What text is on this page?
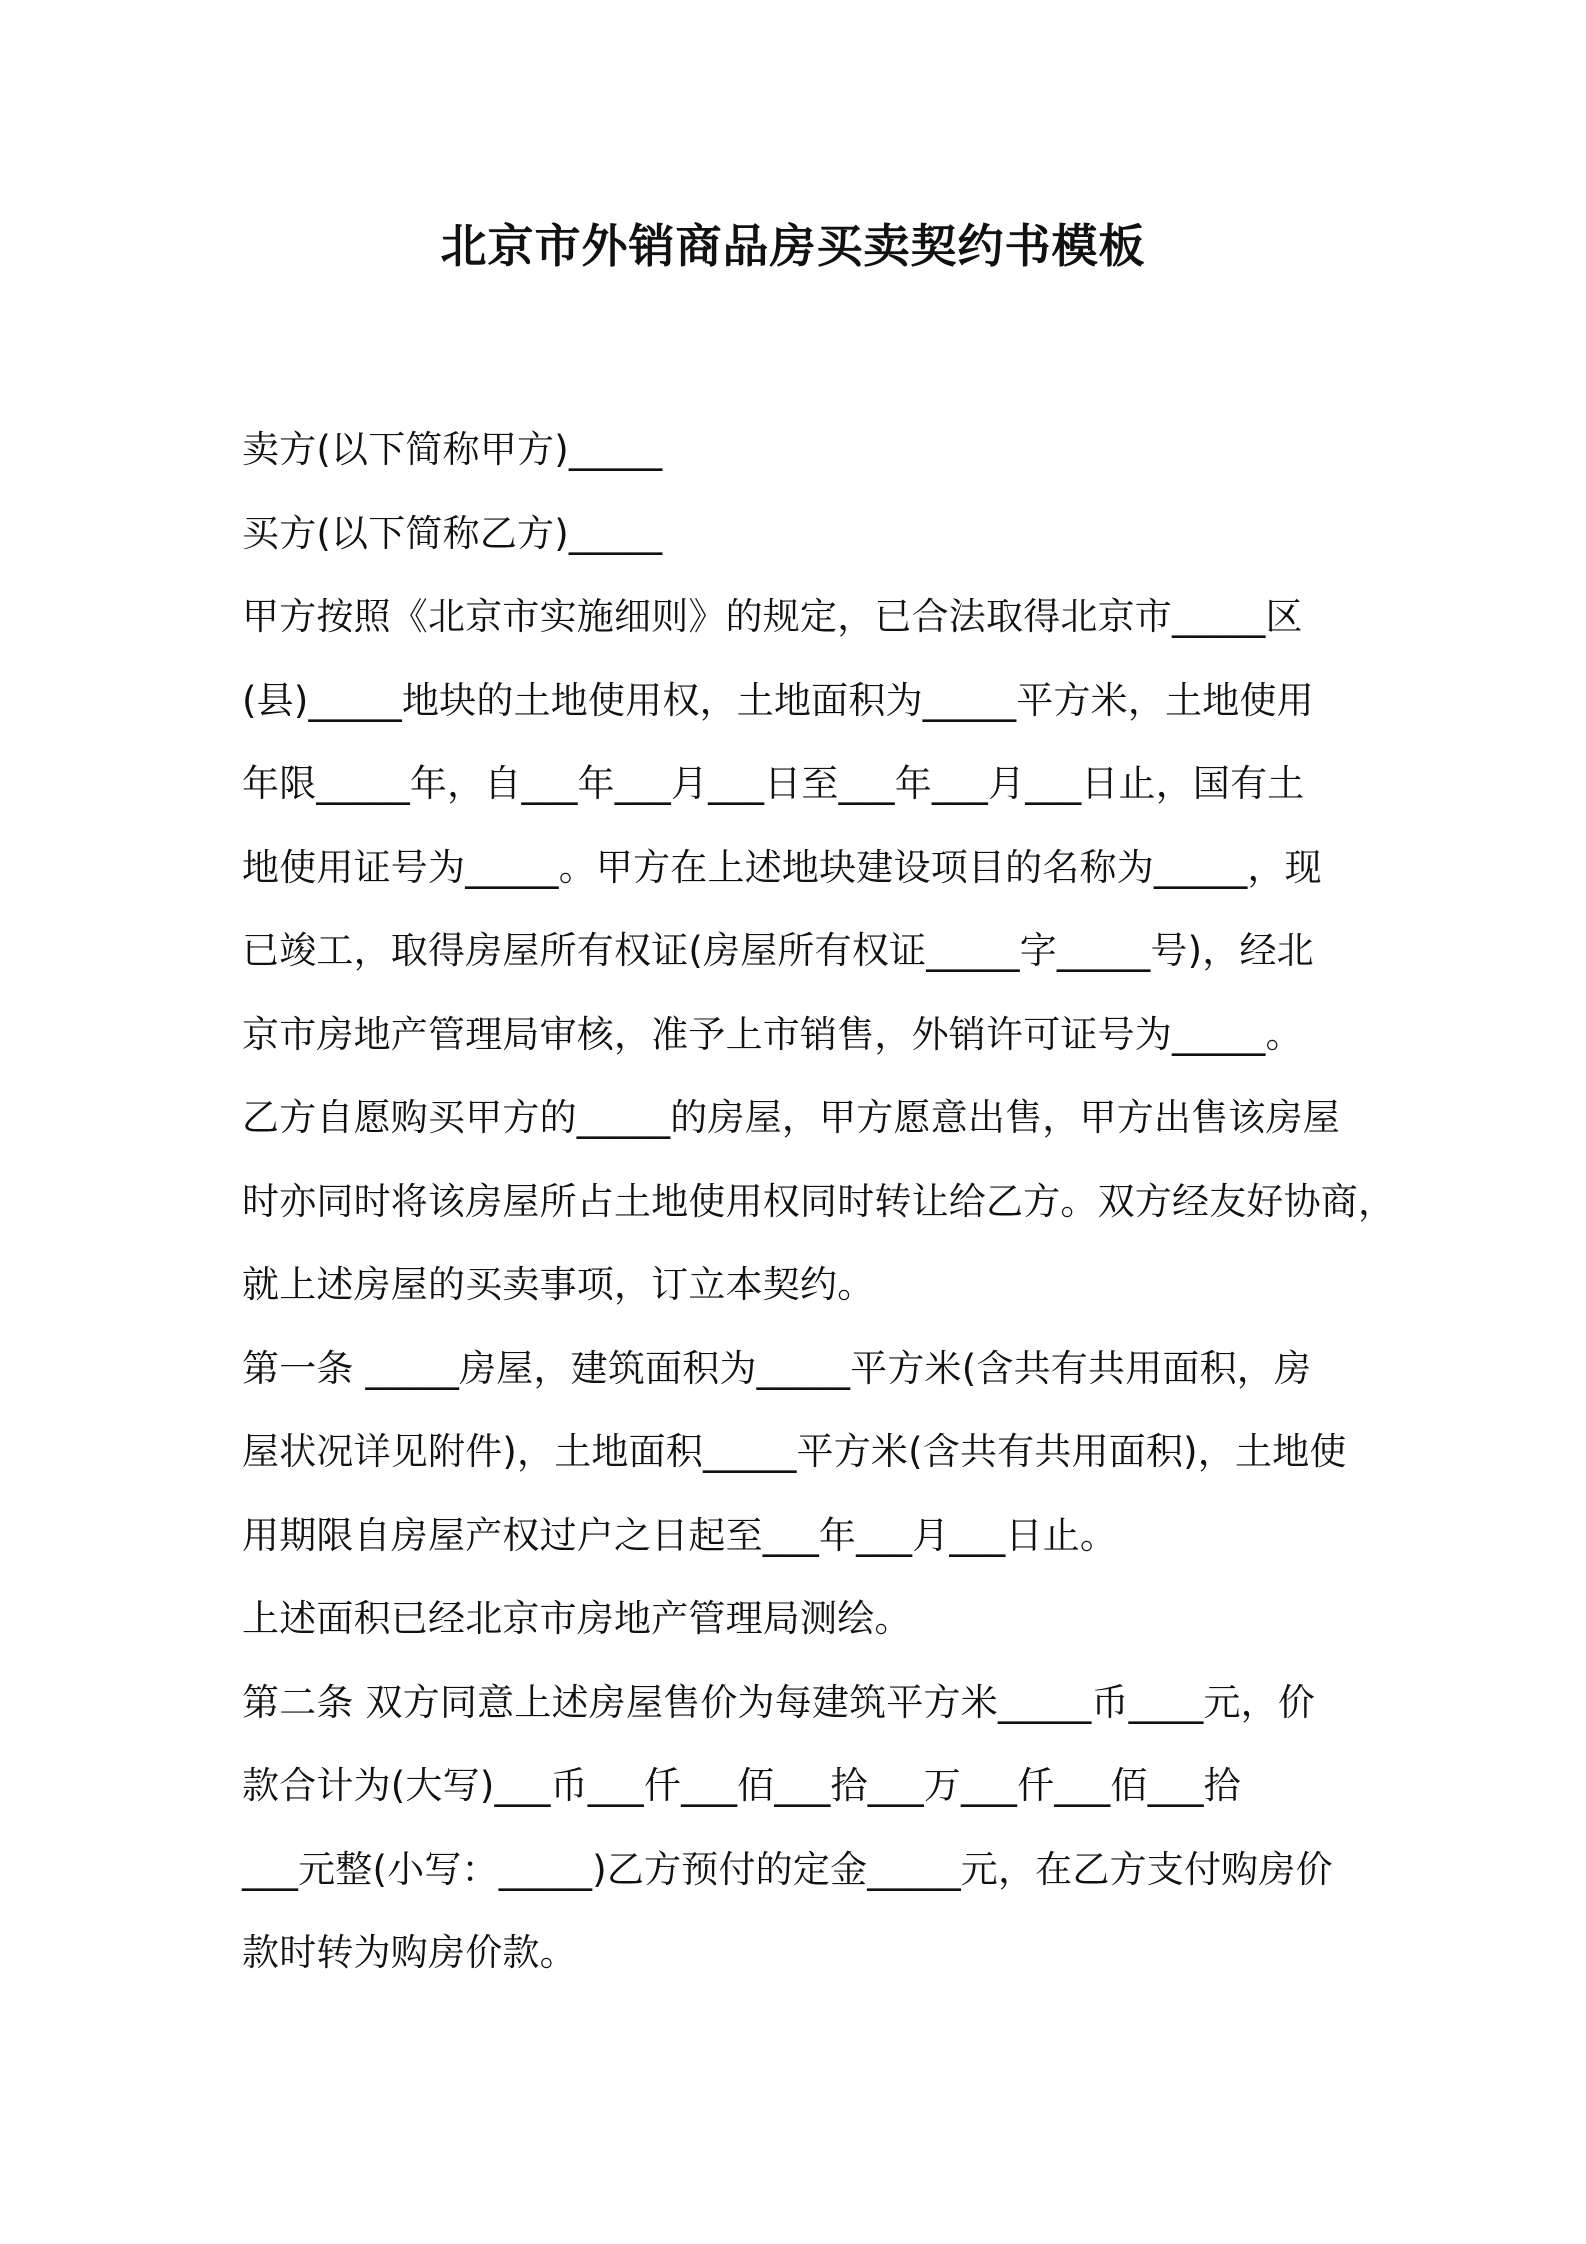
北京市外销商品房买卖契约书模板
卖方(以下简称甲方)_____
买方(以下简称乙方)_____
甲方按照《北京市实施细则》的规定，已合法取得北京市_____区
(县)_____地块的土地使用权，土地面积为_____平方米，土地使用
年限_____年，自___年___月___日至___年___月___日止，国有土
地使用证号为_____。甲方在上述地块建设项目的名称为_____，现
已竣工，取得房屋所有权证(房屋所有权证_____字_____号)，经北
京市房地产管理局审核，准予上市销售，外销许可证号为_____。
乙方自愿购买甲方的_____的房屋，甲方愿意出售，甲方出售该房屋
时亦同时将该房屋所占土地使用权同时转让给乙方。双方经友好协商，
就上述房屋的买卖事项，订立本契约。
第一条 _____房屋，建筑面积为_____平方米(含共有共用面积，房
屋状况详见附件)，土地面积_____平方米(含共有共用面积)，土地使
用期限自房屋产权过户之日起至___年___月___日止。
上述面积已经北京市房地产管理局测绘。
第二条 双方同意上述房屋售价为每建筑平方米_____币____元，价
款合计为(大写)___币___仟___佰___拾___万___仟___佰___拾
___元整(小写：_____)乙方预付的定金_____元，在乙方支付购房价
款时转为购房价款。
